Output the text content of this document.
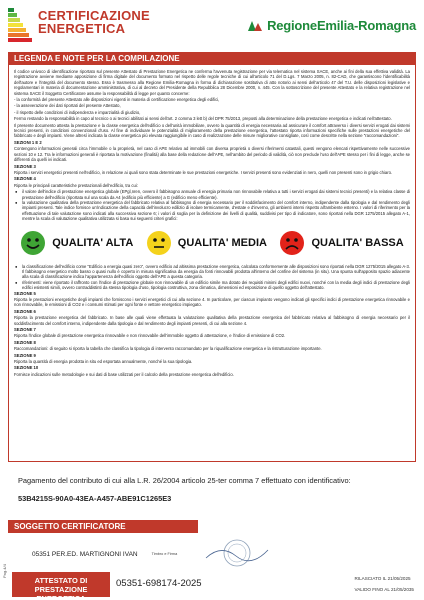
CERTIFICAZIONE
ENERGETICA	RegioneEmilia-Romagna
LEGENDA E NOTE PER LA COMPILAZIONE

Il codice univoco di identificazione riportato sul presente Attestato di Prestazione Energetica ne conferma l'avvenuta registrazione per via telematica nel sistema SACE, anche ai fini della sua effettiva validità. La registrazione avviene mediante apposizione di firma digitale del documento formato nel rispetto delle regole tecniche di cui all'articolo 71 del D.Lgs. 7 Marzo 2005, n. 82-CAD, che garantiscono l'identificabilità dell'autore e l'integrità del documento stesso. Esso è trasmesso alla Regione Emilia-Romagna in forma di dichiarazione sostitutiva di atto notorio ai sensi dell'articolo 47 del T.U. delle disposizioni legislative e regolamentari in materia di documentazione amministrativa, di cui al decreto del Presidente della Repubblica 28 Dicembre 2000, n. 445. Con la sottoscrizione del presente Attestato e la relativa registrazione nel sistema SACE il Soggetto Certificatore assume la responsabilità di legge per quanto concerne:

- la conformità del presente Attestato alle disposizioni vigenti in materia di certificazione energetica degli edifici,

- la asseverazione dei dati riportati del presente Attestato,

- il rispetto delle condizioni di indipendenza e imparzialità di giudizio,

Fermo restando la responsabilità in capo al tecnico o ai tecnici abilitati ai sensi dell'art. 2 comma 3 lett b) del DPR 75/2013, preposti alla determinazione della prestazione energetica e indicati nell'attestato.

Il presente documento attesta la prestazione e la classe energetica dell'edificio o dell'unità immobiliare, ovvero la quantità di energia necessaria ad assicurare il comfort attraverso i diversi servizi erogati dai sistemi tecnici presenti, in condizioni convenzionali d'uso. Al fine di individuare le potenzialità di miglioramento della prestazione energetica, l'attestato riporta informazioni specifiche sulle prestazioni energetiche del fabbricato e degli impianti. Viene altresì indicata la classe energetica più elevata raggiungibile in caso di realizzazione delle misure migliorative consigliate, così come descritte nella sezione "raccomandazioni".

SEZIONI 1 E 2

Contengono informazioni generali circa l'immobile o la proprietà, nel caso di APE relativo ad immobili con diversa proprietà o diversi riferimenti catastali, questi vengono elencati rispettivamente nelle successive sezioni 10 e 12. Tra le informazioni generali è riportata la motivazione (finalità) alla base della redazione dell'APE, nell'ambito del periodo di validità, ciò non preclude l'uso dell'APE stesso per i fini di legge, anche se differenti da quelli ivi indicati.

SEZIONE 3

Riporta i servizi energetici presenti nell'edificio, in relazione ai quali sono stata determinate le sue prestazioni energetiche. I servizi presenti sono evidenziati in nero, quelli non presenti sono in grigio chiaro.

SEZIONE 4

Riporta le principali caratteristiche prestazionali dell'edificio, tra cui:

● il valore dell'indice di prestazione energetica globale (EPgl,nren, ovvero il fabbisogno annuale di energia primaria non rinnovabile relativa a tutti i servizi erogati dai sistemi tecnici presenti) e la relativa classe di prestazione dell'edificio (riportata sul una scala da A4 (edificio più efficiente) a G (edificio meno efficiente).
● la valutazione qualitativa della prestazione energetica del fabbricato relativa al fabbisogno di energia necessario per il soddisfacimento del comfort interno, indipendente dalla tipologia e dal rendimento degli impianti presenti. Tale indice fornisce un'indicazione della capacità dell'involucro edilizio di isolare termicamente, d'estate e d'inverno, gli ambienti interni rispetto all'ambiente esterno. I valori di riferimento per la effettuazione di tale valutazione sono indicati alla successiva sezione 6; i valori di soglia per la definizione dei livelli di qualità, suddivisi per tipo di indicatore, sono riportati nella DGR 1275/2015 allegato A-1, mentre la scala di valutazione qualitativa utilizzata si basa sui seguenti criteri grafici:
QUALITA' ALTA	QUALITA' MEDIA	QUALITA' BASSA
● la classificazione dell'edificio come "Edificio a energia quasi zero", ovvero edificio ad altissima prestazione energetica, calcolata conformemente alle disposizioni sono riportati nella DGR 1275/2015 allegato A-3. Il fabbisogno energetico molto basso o quasi nullo è coperto in misura significativa da energia da fonti rinnovabili prodotta all'interno del confine del sistema (in situ). Una spunta sull'apposito spazio adiacente alla scala di classificazione indica l'appartenenza dell'edificio oggetto dell'APE a questa categoria.
● riferimenti: viene riportato il raffronto con l'indice di prestazione globale non rinnovabile di un edificio simile ma dotato dei requisiti minimi degli edifici nuovi, nonché con la media degli indici di prestazione degli edifici esistenti simili, ovvero contraddistinti da stessa tipologia d'uso, tipologia costruttiva, zona climatica, dimensioni ed esposizione di quello oggetto dell'attestato.

SEZIONE 5

Riporta le prestazioni energetiche degli impianti che forniscono i servizi energetici di cui alla sezione 4. In particolare, per ciascun impianto vengono indicati gli specifici indici di prestazione energetica rinnovabile e non rinnovabile, le emissioni di CO2 e i consumi stimati per ogni fonte e vettore energetico impiegato.

SEZIONE 6

Riporta la prestazione energetica del fabbricato. In base alle quali viene effettuata la valutazione qualitativa della prestazione energetica del fabbricato relativa al fabbisogno di energia necessario per il soddisfacimento del comfort interno, indipendente dalla tipologia e dal rendimento degli impianti presenti, di cui alla sezione 4.

SEZIONE 7

Riporta l'indice globale di prestazione energetica rinnovabile e non rinnovabile dell'immobile oggetto di attestazione, e l'indice di emissione di CO2.

SEZIONE 8

Raccomandazioni: di seguito si riporta la tabella che classifica la tipologia di intervento raccomandato per la riqualificazione energetica e la ristrutturazione importante.

SEZIONE 9

Riporta la quantità di energia prodotta in situ ed esportata annualmente, nonché la sua tipologia.

SEZIONE 10

Fornisce indicazioni sulle metodologie e sui dati di base utilizzati per il calcolo della prestazione energetica dell'edificio.

Pagamento del contributo di cui alla L.R. 26/2004 articolo 25-ter comma 7 effettuato con identificativo:
53B4215S-90A0-43EA-A457-ABE91C1265E3
SOGGETTO CERTIFICATORE
05351 PER.ED. MARTIGNONI IVAN	Timbro e Firma
Pag.4/4
ATTESTATO DI
PRESTAZIONE ENERGETICA
05351-698174-2025	RILASCIATO IL 21/05/2025
VALIDO FINO AL 21/05/2035
